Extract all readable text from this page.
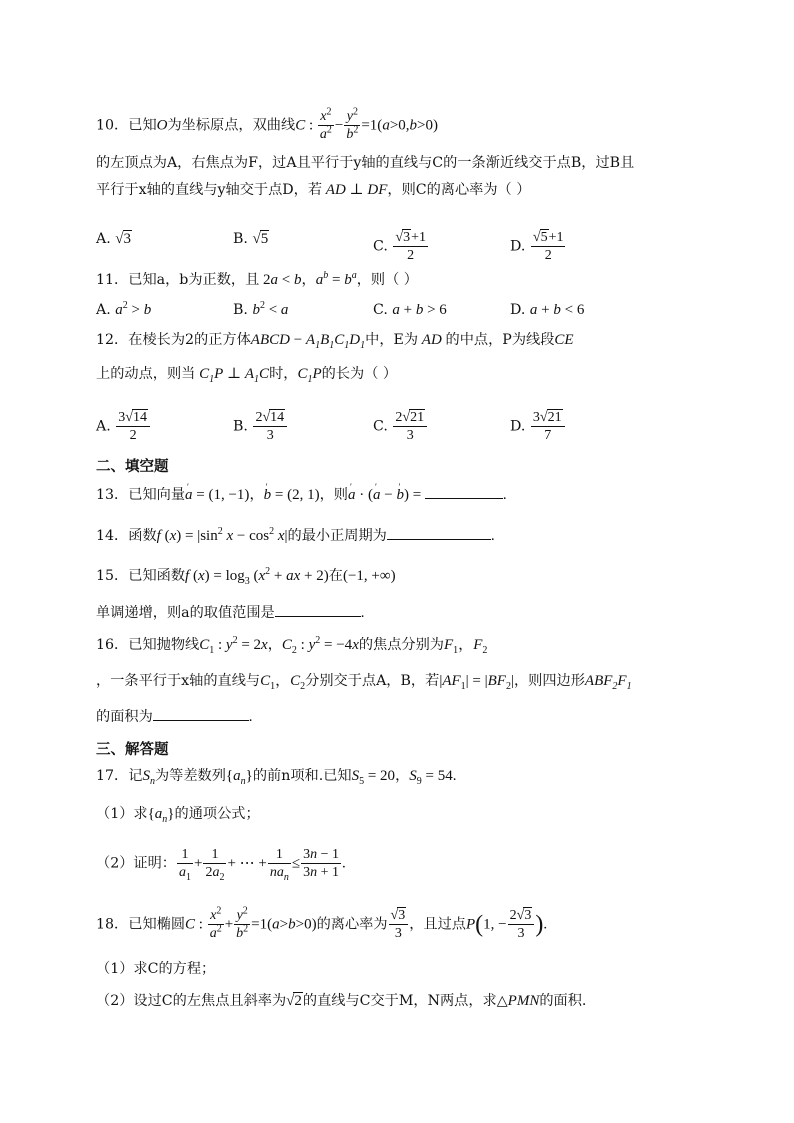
10．已知O为坐标原点，双曲线C : $\frac{x^2}{a^2} - \frac{y^2}{b^2} =1(a>0,b>0)$
的左顶点为A，右焦点为F，过A且平行于y轴的直线与C的一条渐近线交于点B，过B且
平行于x轴的直线与y轴交于点D，若 AD ⊥ DF，则C的离心率为（ ）
A. √3	B. √5	C. $\frac{√3+1}{2}$	D. $\frac{√5+1}{2}$
11．已知a，b为正数，且 2a < b，$a^b = b^a$，则（ ）
A. $a^2 > b$	B. $b^2 < a$	C. a + b > 6	D. a + b < 6
12．在棱长为2的正方体ABCD − $A_1B_1C_1D_1$中，E为 AD 的中点，P为线段CE
上的动点，则当 $C_1P$ ⊥ $A_1C$时，$C_1P$的长为（ ）
A. $\frac{3√14}{2}$	B. $\frac{2√14}{3}$	C. $\frac{2√21}{3}$	D. $\frac{3√21}{7}$
二、填空题
13．已知向量′ a = (1, −1)，′ b = (2, 1)，则′ a · (′ a − ′ b) =	.
14．函数f $(x) = |\sin^2$ $x - \cos^2 x|$的最小正周期为	.
15．已知函数f $(x) = \log_3 (x^2$ + ax + 2)在(−1, +∞)
单调递增，则a的取值范围是	.
16．已知抛物线$C_1$ : $y^2 = 2x$，$C_2$ : $y^2 = -4x$的焦点分别为$F_1$，$F_2$
，一条平行于x轴的直线与$C_1$，$C_2$分别交于点A，B，若$|AF_1| = |BF_2|$，则四边形$ABF_2F_1$
的面积为	.
三、解答题
17．记$S_n$为等差数列$\{a_n\}$的前n项和.已知$S_5 = 20$，$S_9 = 54$.
（1）求$\{a_n\}$的通项公式；
（2）证明： $\frac{1}{a_1} + \frac{1}{2a_2}$ + ⋯ + $\frac{1}{na_n} \le \frac{3n - 1}{3n + 1}$ .
18．已知椭圆C : $\frac{x^2}{a^2} + \frac{y^2}{b^2} =1(a>b>0)$的离心率为 $\frac{√3}{3}$ ，且过点P(1, − $\frac{2√3}{3}$ ).
（1）求C的方程；
（2）设过C的左焦点且斜率为√2的直线与C交于M，N两点，求△PMN的面积.
